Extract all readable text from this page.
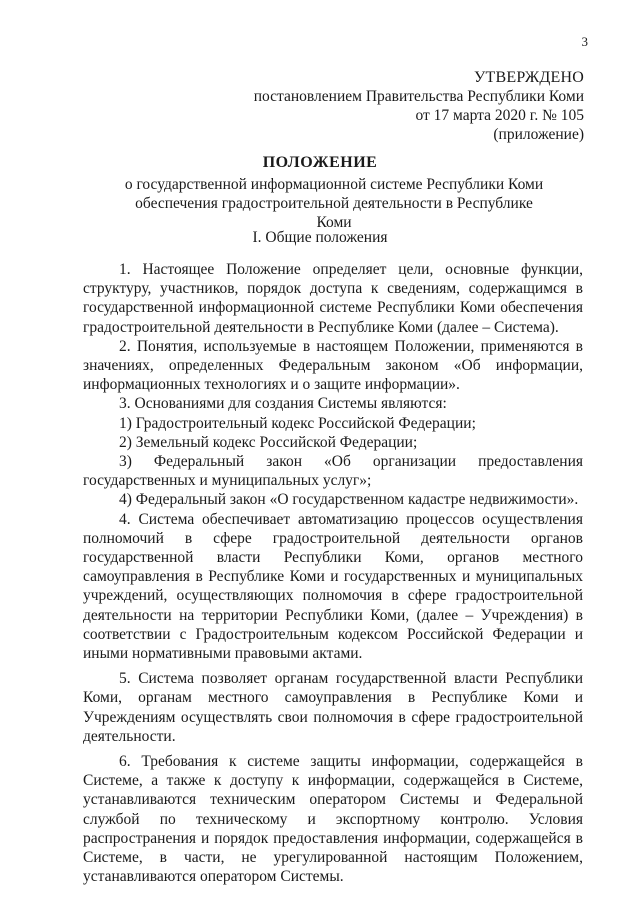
3
УТВЕРЖДЕНО
постановлением Правительства Республики Коми
от 17 марта 2020 г. № 105
(приложение)
ПОЛОЖЕНИЕ
о государственной информационной системе Республики Коми обеспечения градостроительной деятельности в Республике Коми
I. Общие положения

1. Настоящее Положение определяет цели, основные функции, структуру, участников, порядок доступа к сведениям, содержащимся в государственной информационной системе Республики Коми обеспечения градостроительной деятельности в Республике Коми (далее – Система).

2. Понятия, используемые в настоящем Положении, применяются в значениях, определенных Федеральным законом «Об информации, информационных технологиях и о защите информации».

3. Основаниями для создания Системы являются:

1) Градостроительный кодекс Российской Федерации;

2) Земельный кодекс Российской Федерации;

3) Федеральный закон «Об организации предоставления государственных и муниципальных услуг»;

4) Федеральный закон «О государственном кадастре недвижимости».

4. Система обеспечивает автоматизацию процессов осуществления полномочий в сфере градостроительной деятельности органов государственной власти Республики Коми, органов местного самоуправления в Республике Коми и государственных и муниципальных учреждений, осуществляющих полномочия в сфере градостроительной деятельности на территории Республики Коми, (далее – Учреждения) в соответствии с Градостроительным кодексом Российской Федерации и иными нормативными правовыми актами.

5. Система позволяет органам государственной власти Республики Коми, органам местного самоуправления в Республике Коми и Учреждениям осуществлять свои полномочия в сфере градостроительной деятельности.

6. Требования к системе защиты информации, содержащейся в Системе, а также к доступу к информации, содержащейся в Системе, устанавливаются техническим оператором Системы и Федеральной службой по техническому и экспортному контролю. Условия распространения и порядок предоставления информации, содержащейся в Системе, в части, не урегулированной настоящим Положением, устанавливаются оператором Системы.
